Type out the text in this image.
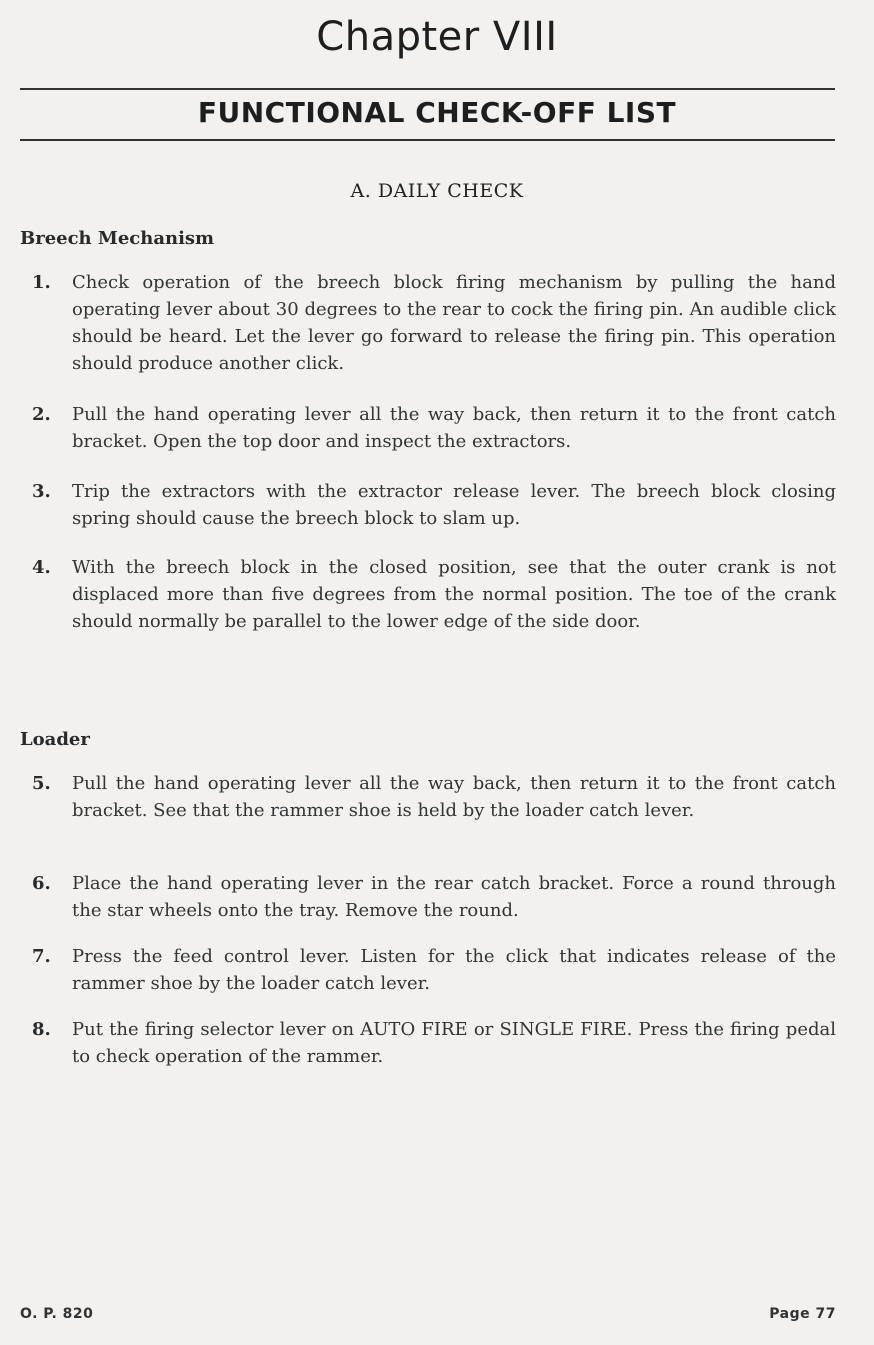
Chapter VIII
FUNCTIONAL CHECK-OFF LIST
A. DAILY CHECK
Breech Mechanism
1.	Check operation of the breech block firing mechanism by pulling the hand operating lever about 30 degrees to the rear to cock the firing pin. An audible click should be heard. Let the lever go forward to release the firing pin. This operation should produce another click.
2.	Pull the hand operating lever all the way back, then return it to the front catch bracket. Open the top door and inspect the extractors.
3.	Trip the extractors with the extractor release lever. The breech block closing spring should cause the breech block to slam up.
4.	With the breech block in the closed position, see that the outer crank is not displaced more than five degrees from the normal position. The toe of the crank should normally be parallel to the lower edge of the side door.
Loader
5.	Pull the hand operating lever all the way back, then return it to the front catch bracket. See that the rammer shoe is held by the loader catch lever.
6.	Place the hand operating lever in the rear catch bracket. Force a round through the star wheels onto the tray. Remove the round.
7.	Press the feed control lever. Listen for the click that indicates release of the rammer shoe by the loader catch lever.
8.	Put the firing selector lever on AUTO FIRE or SINGLE FIRE. Press the firing pedal to check operation of the rammer.
O. P. 820	Page 77
